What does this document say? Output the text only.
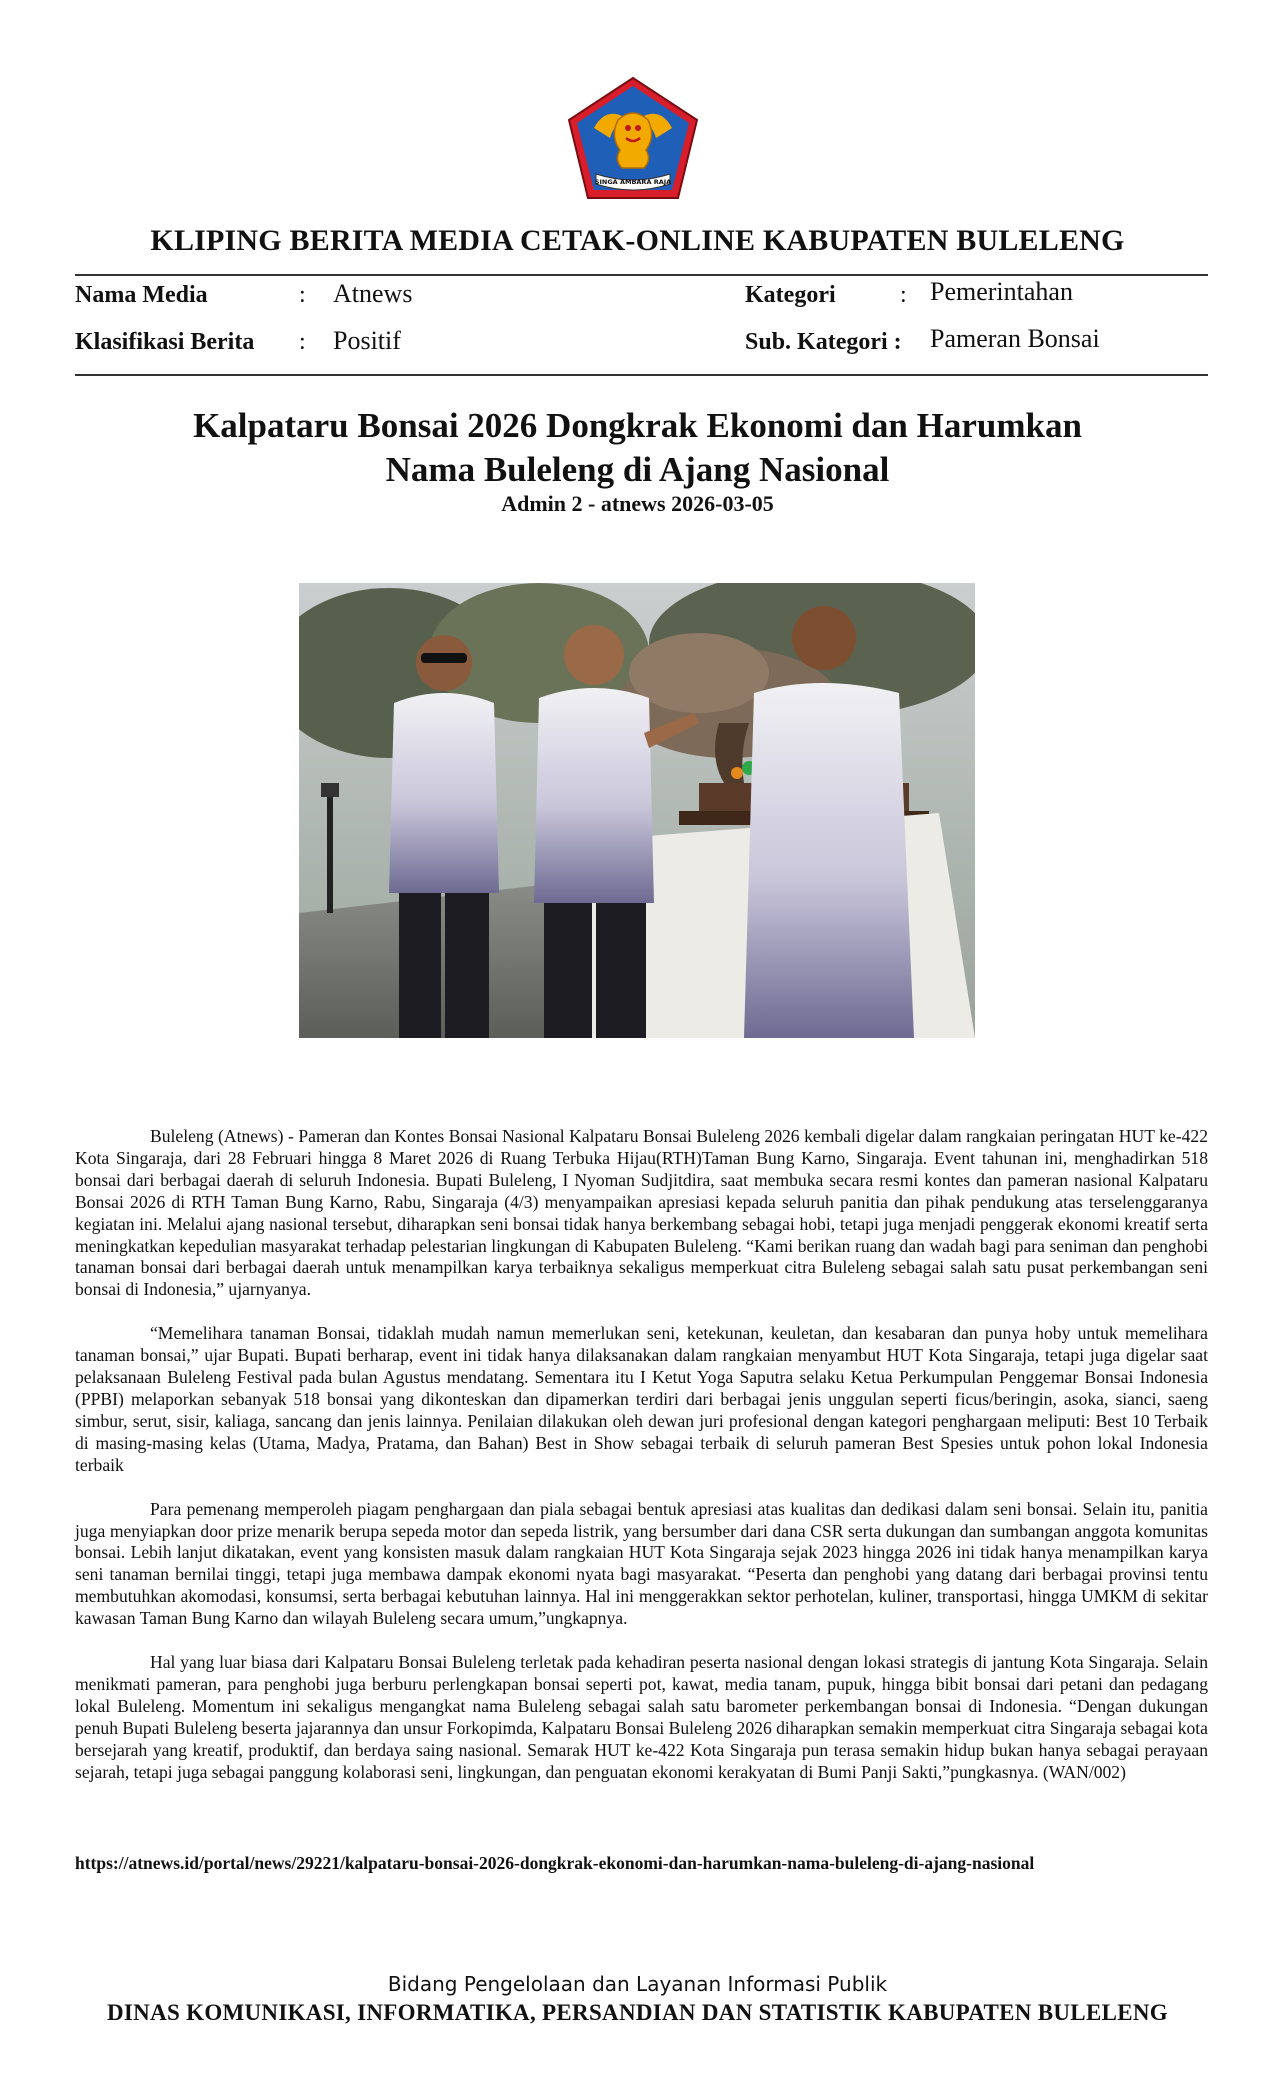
SINGA AMBARA RAJA
KLIPING BERITA MEDIA CETAK-ONLINE KABUPATEN BULELENG
Nama Media	: Atnews
Klasifikasi Berita : Positif
Kategori	: Pemerintahan
Sub. Kategori : Pameran Bonsai
Kalpataru Bonsai 2026 Dongkrak Ekonomi dan Harumkan
Nama Buleleng di Ajang Nasional
Admin 2 - atnews 2026-03-05

Buleleng (Atnews) - Pameran dan Kontes Bonsai Nasional Kalpataru Bonsai Buleleng 2026 kembali digelar dalam rangkaian peringatan HUT ke-422 Kota Singaraja, dari 28 Februari hingga 8 Maret 2026 di Ruang Terbuka Hijau(RTH)Taman Bung Karno, Singaraja. Event tahunan ini, menghadirkan 518 bonsai dari berbagai daerah di seluruh Indonesia. Bupati Buleleng, I Nyoman Sudjitdira, saat membuka secara resmi kontes dan pameran nasional Kalpataru Bonsai 2026 di RTH Taman Bung Karno, Rabu, Singaraja (4/3) menyampaikan apresiasi kepada seluruh panitia dan pihak pendukung atas terselenggaranya kegiatan ini. Melalui ajang nasional tersebut, diharapkan seni bonsai tidak hanya berkembang sebagai hobi, tetapi juga menjadi penggerak ekonomi kreatif serta meningkatkan kepedulian masyarakat terhadap pelestarian lingkungan di Kabupaten Buleleng. “Kami berikan ruang dan wadah bagi para seniman dan penghobi tanaman bonsai dari berbagai daerah untuk menampilkan karya terbaiknya sekaligus memperkuat citra Buleleng sebagai salah satu pusat perkembangan seni bonsai di Indonesia,” ujarnyanya.

“Memelihara tanaman Bonsai, tidaklah mudah namun memerlukan seni, ketekunan, keuletan, dan kesabaran dan punya hoby untuk memelihara tanaman bonsai,” ujar Bupati. Bupati berharap, event ini tidak hanya dilaksanakan dalam rangkaian menyambut HUT Kota Singaraja, tetapi juga digelar saat pelaksanaan Buleleng Festival pada bulan Agustus mendatang. Sementara itu I Ketut Yoga Saputra selaku Ketua Perkumpulan Penggemar Bonsai Indonesia (PPBI) melaporkan sebanyak 518 bonsai yang dikonteskan dan dipamerkan terdiri dari berbagai jenis unggulan seperti ficus/beringin, asoka, sianci, saeng simbur, serut, sisir, kaliaga, sancang dan jenis lainnya. Penilaian dilakukan oleh dewan juri profesional dengan kategori penghargaan meliputi: Best 10 Terbaik di masing-masing kelas (Utama, Madya, Pratama, dan Bahan) Best in Show sebagai terbaik di seluruh pameran Best Spesies untuk pohon lokal Indonesia terbaik

Para pemenang memperoleh piagam penghargaan dan piala sebagai bentuk apresiasi atas kualitas dan dedikasi dalam seni bonsai. Selain itu, panitia juga menyiapkan door prize menarik berupa sepeda motor dan sepeda listrik, yang bersumber dari dana CSR serta dukungan dan sumbangan anggota komunitas bonsai. Lebih lanjut dikatakan, event yang konsisten masuk dalam rangkaian HUT Kota Singaraja sejak 2023 hingga 2026 ini tidak hanya menampilkan karya seni tanaman bernilai tinggi, tetapi juga membawa dampak ekonomi nyata bagi masyarakat. “Peserta dan penghobi yang datang dari berbagai provinsi tentu membutuhkan akomodasi, konsumsi, serta berbagai kebutuhan lainnya. Hal ini menggerakkan sektor perhotelan, kuliner, transportasi, hingga UMKM di sekitar kawasan Taman Bung Karno dan wilayah Buleleng secara umum,”ungkapnya.

Hal yang luar biasa dari Kalpataru Bonsai Buleleng terletak pada kehadiran peserta nasional dengan lokasi strategis di jantung Kota Singaraja. Selain menikmati pameran, para penghobi juga berburu perlengkapan bonsai seperti pot, kawat, media tanam, pupuk, hingga bibit bonsai dari petani dan pedagang lokal Buleleng. Momentum ini sekaligus mengangkat nama Buleleng sebagai salah satu barometer perkembangan bonsai di Indonesia. “Dengan dukungan penuh Bupati Buleleng beserta jajarannya dan unsur Forkopimda, Kalpataru Bonsai Buleleng 2026 diharapkan semakin memperkuat citra Singaraja sebagai kota bersejarah yang kreatif, produktif, dan berdaya saing nasional. Semarak HUT ke-422 Kota Singaraja pun terasa semakin hidup bukan hanya sebagai perayaan sejarah, tetapi juga sebagai panggung kolaborasi seni, lingkungan, dan penguatan ekonomi kerakyatan di Bumi Panji Sakti,”pungkasnya. (WAN/002)

https://atnews.id/portal/news/29221/kalpataru-bonsai-2026-dongkrak-ekonomi-dan-harumkan-nama-buleleng-di-ajang-nasional
Bidang Pengelolaan dan Layanan Informasi Publik
DINAS KOMUNIKASI, INFORMATIKA, PERSANDIAN DAN STATISTIK KABUPATEN BULELENG
